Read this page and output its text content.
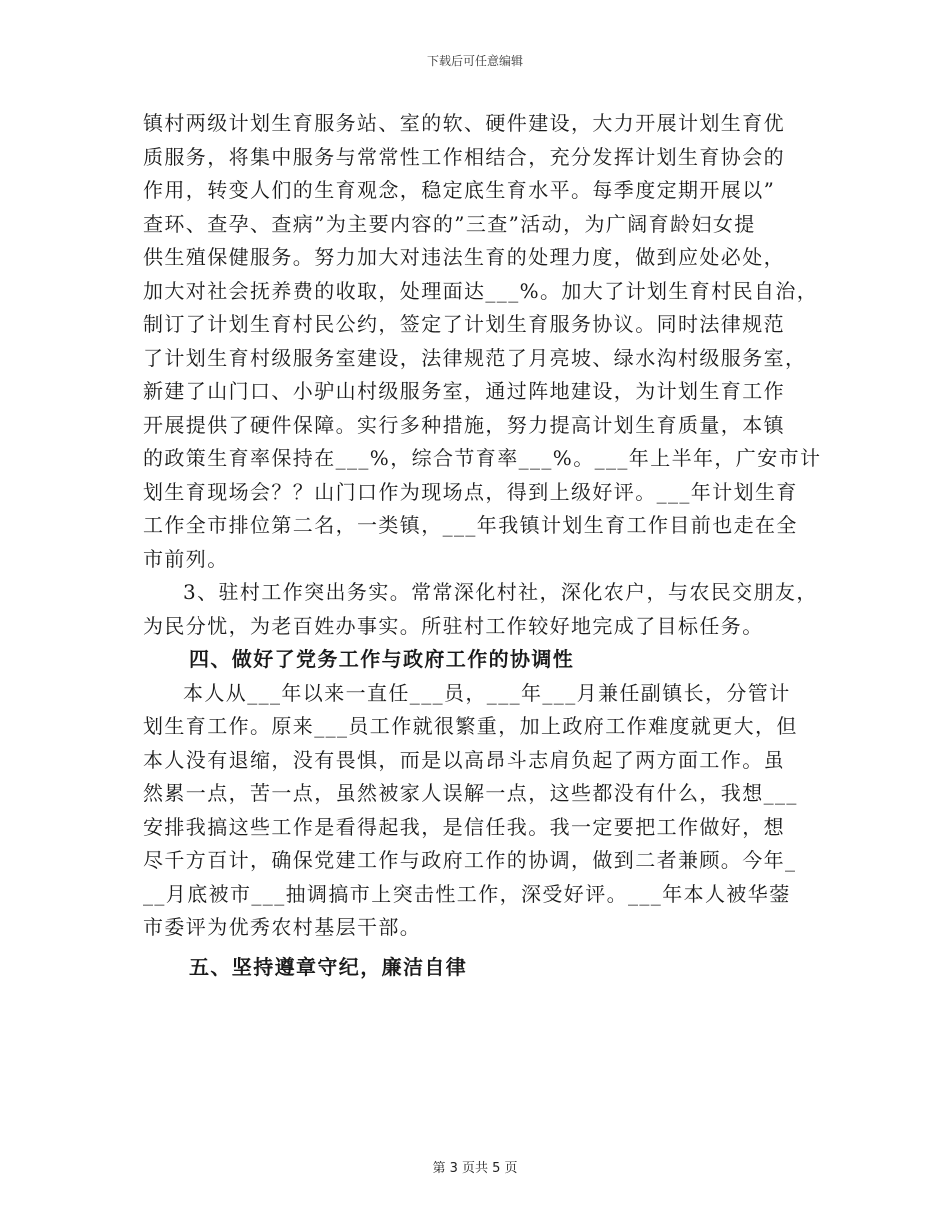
下载后可任意编辑
镇村两级计划生育服务站、室的软、硬件建设，大力开展计划生育优
质服务，将集中服务与常常性工作相结合，充分发挥计划生育协会的
作用，转变人们的生育观念，稳定底生育水平。每季度定期开展以”
查环、查孕、查病”为主要内容的”三查”活动，为广阔育龄妇女提
供生殖保健服务。努力加大对违法生育的处理力度，做到应处必处，
加大对社会抚养费的收取，处理面达___%。加大了计划生育村民自治，
制订了计划生育村民公约，签定了计划生育服务协议。同时法律规范
了计划生育村级服务室建设，法律规范了月亮坡、绿水沟村级服务室，
新建了山门口、小驴山村级服务室，通过阵地建设，为计划生育工作
开展提供了硬件保障。实行多种措施，努力提高计划生育质量，本镇
的政策生育率保持在___%，综合节育率___%。___年上半年，广安市计
划生育现场会？？山门口作为现场点，得到上级好评。___年计划生育
工作全市排位第二名，一类镇，___年我镇计划生育工作目前也走在全
市前列。
3、驻村工作突出务实。常常深化村社，深化农户，与农民交朋友，
为民分忧，为老百姓办事实。所驻村工作较好地完成了目标任务。
四、做好了党务工作与政府工作的协调性
本人从___年以来一直任___员，___年___月兼任副镇长，分管计
划生育工作。原来___员工作就很繁重，加上政府工作难度就更大，但
本人没有退缩，没有畏惧，而是以高昂斗志肩负起了两方面工作。虽
然累一点，苦一点，虽然被家人误解一点，这些都没有什么，我想___
安排我搞这些工作是看得起我，是信任我。我一定要把工作做好，想
尽千方百计，确保党建工作与政府工作的协调，做到二者兼顾。今年_
__月底被市___抽调搞市上突击性工作，深受好评。___年本人被华蓥
市委评为优秀农村基层干部。
五、坚持遵章守纪，廉洁自律
第 3 页共 5 页
